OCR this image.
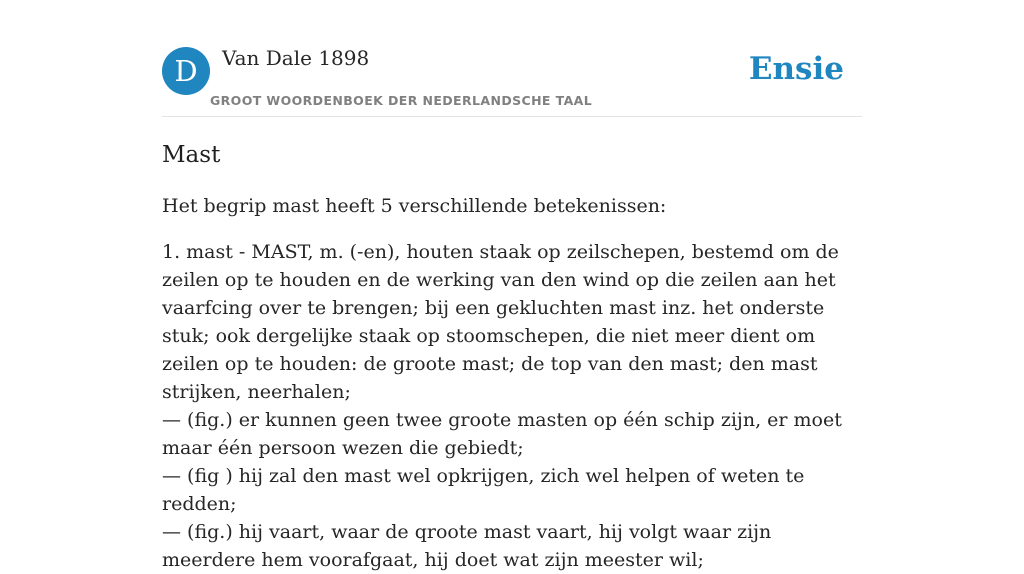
D	Van Dale 1898
GROOT WOORDENBOEK DER NEDERLANDSCHE TAAL
Ensie
Mast

Het begrip mast heeft 5 verschillende betekenissen:

1. mast - MAST, m. (-en), houten staak op zeilschepen, bestemd om de zeilen op te houden en de werking van den wind op die zeilen aan het vaarfcing over te brengen; bij een gekluchten mast inz. het onderste stuk; ook dergelijke staak op stoomschepen, die niet meer dient om zeilen op te houden: de groote mast; de top van den mast; den mast strijken, neerhalen;
— (fig.) er kunnen geen twee groote masten op één schip zijn, er moet maar één persoon wezen die gebiedt;
— (fig ) hij zal den mast wel opkrijgen, zich wel helpen of weten te redden;
— (fig.) hij vaart, waar de qroote mast vaart, hij volgt waar zijn meerdere hem voorafgaat, hij doet wat zijn meester wil;
